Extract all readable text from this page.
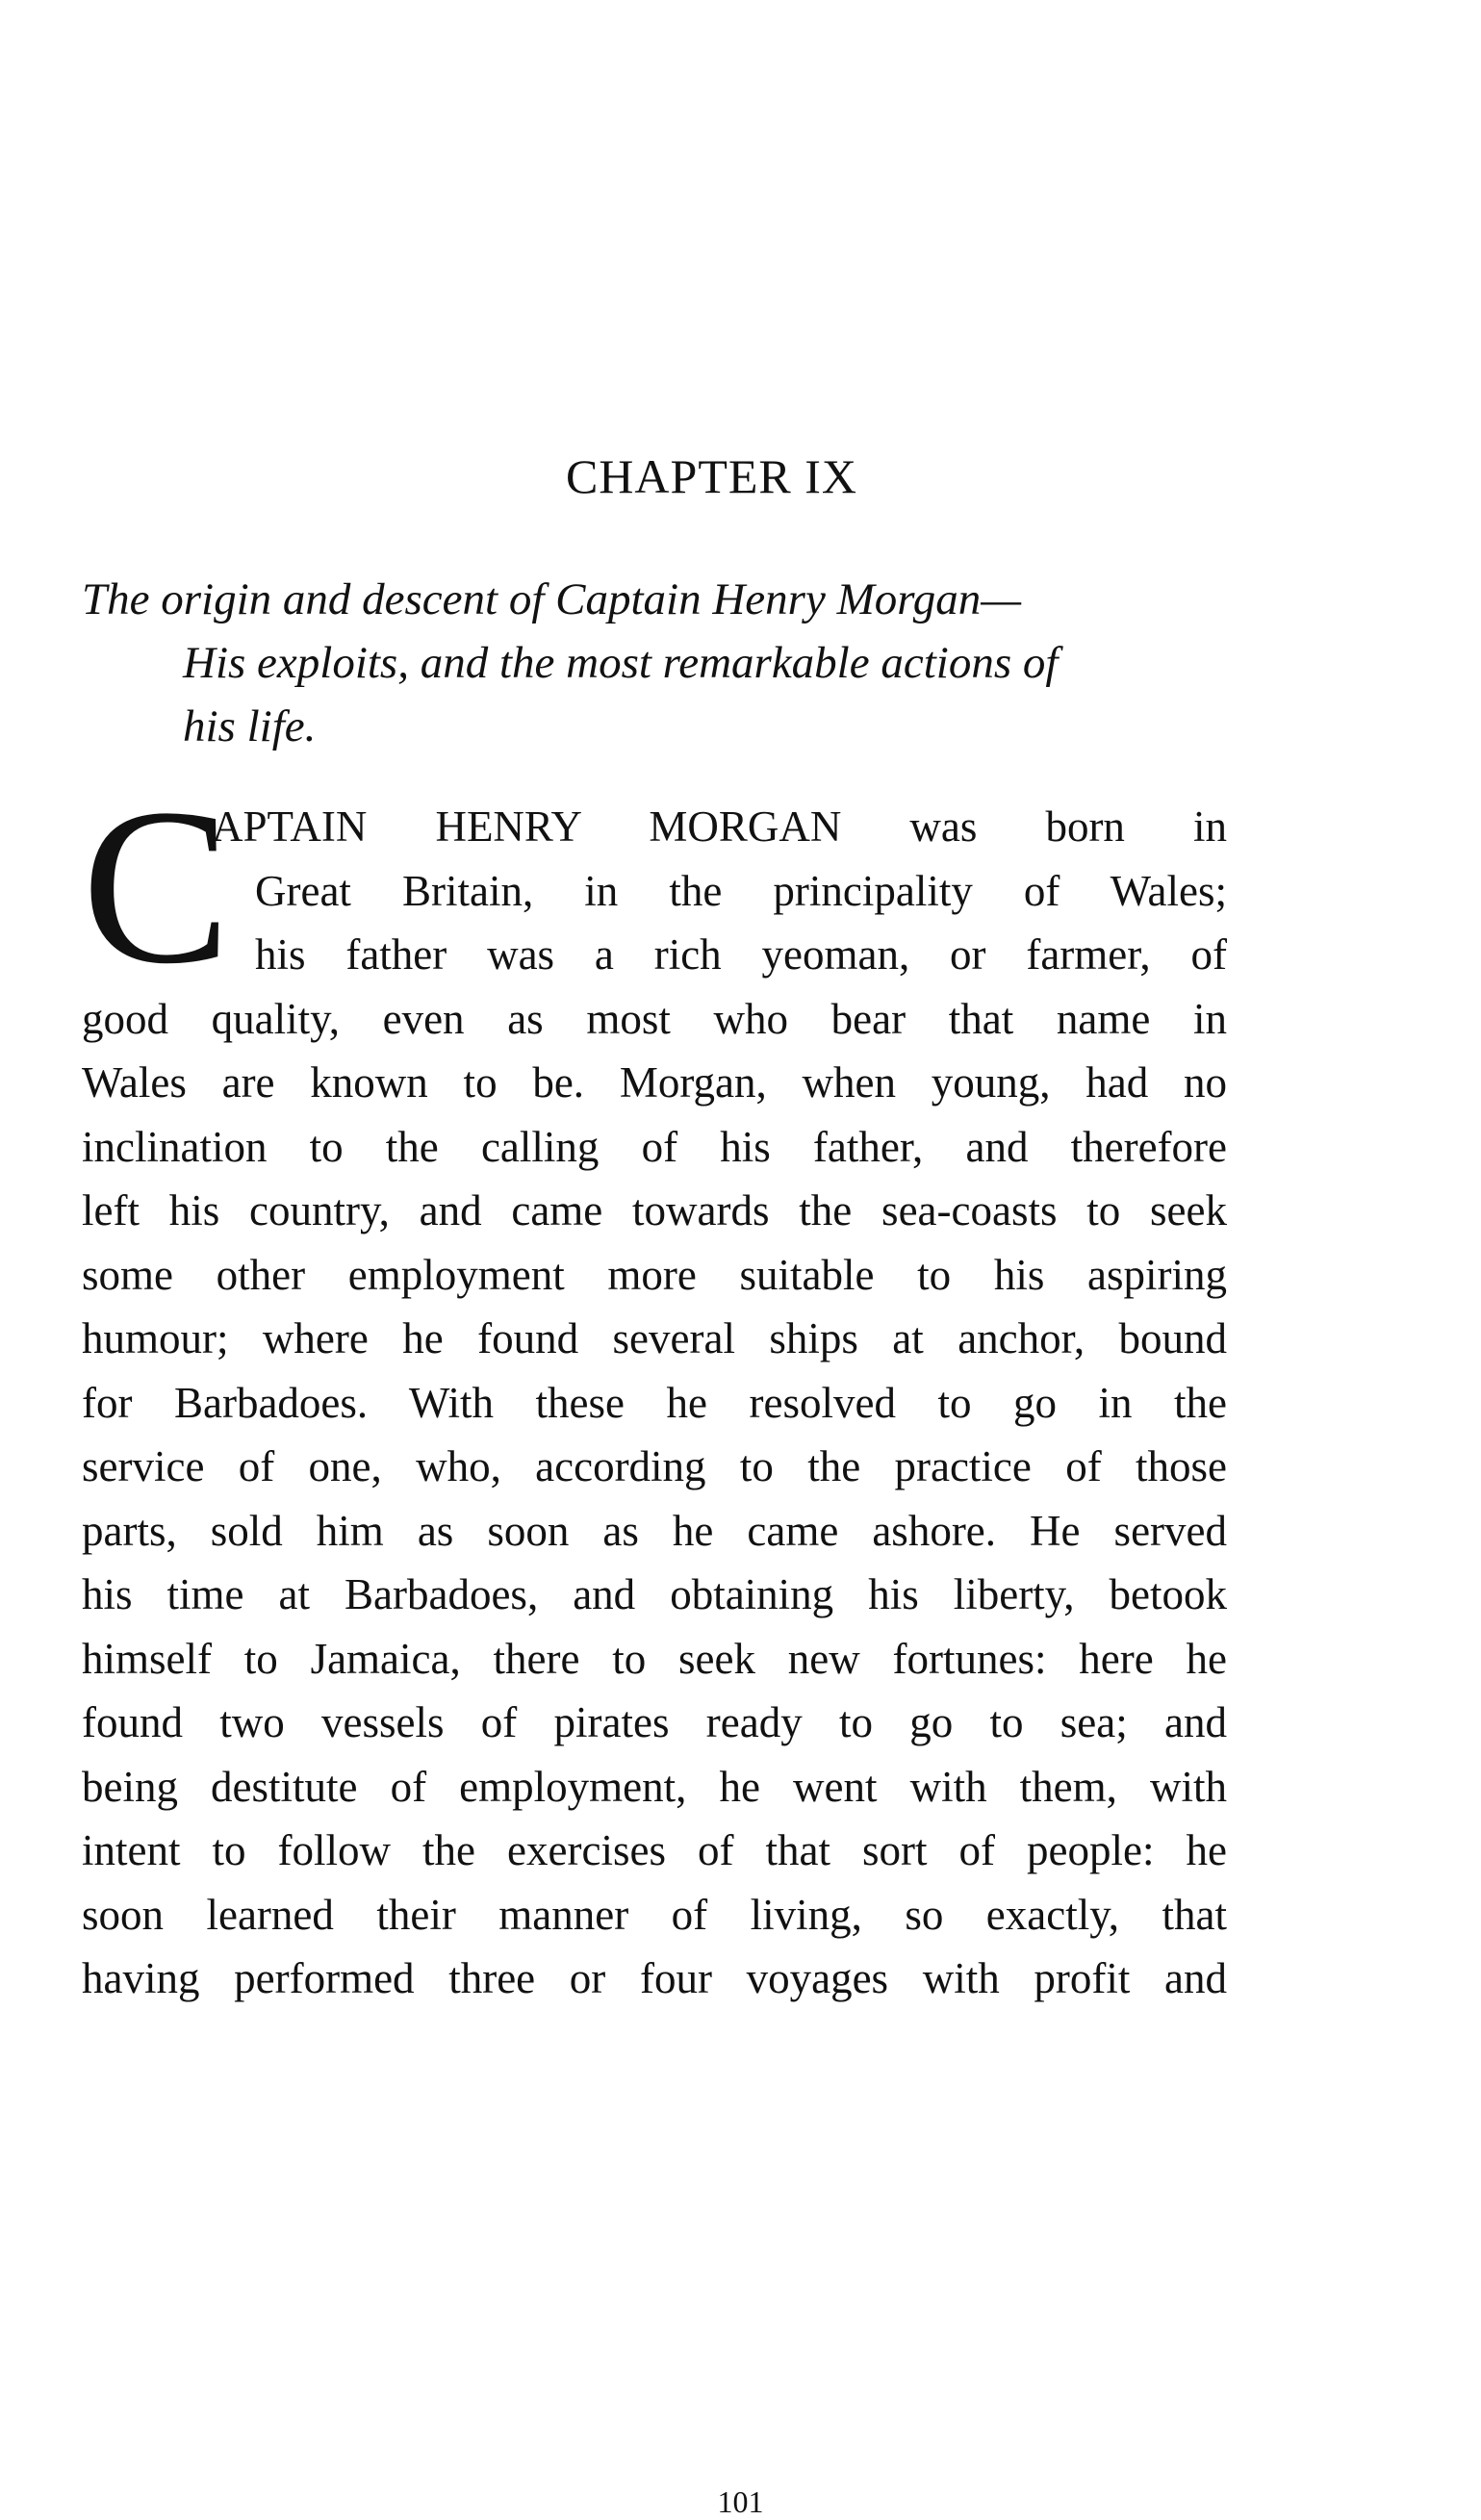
CHAPTER IX
The origin and descent of Captain Henry Morgan—
His exploits, and the most remarkable actions of
his life.
C
APTAIN HENRY MORGAN was born in
Great Britain, in the principality of Wales;
his father was a rich yeoman, or farmer, of
good quality, even as most who bear that name in
Wales are known to be. Morgan, when young, had no
inclination to the calling of his father, and therefore
left his country, and came towards the sea-coasts to seek
some other employment more suitable to his aspiring
humour; where he found several ships at anchor, bound
for Barbadoes. With these he resolved to go in the
service of one, who, according to the practice of those
parts, sold him as soon as he came ashore. He served
his time at Barbadoes, and obtaining his liberty, betook
himself to Jamaica, there to seek new fortunes: here he
found two vessels of pirates ready to go to sea; and
being destitute of employment, he went with them, with
intent to follow the exercises of that sort of people: he
soon learned their manner of living, so exactly, that
having performed three or four voyages with profit and
101
